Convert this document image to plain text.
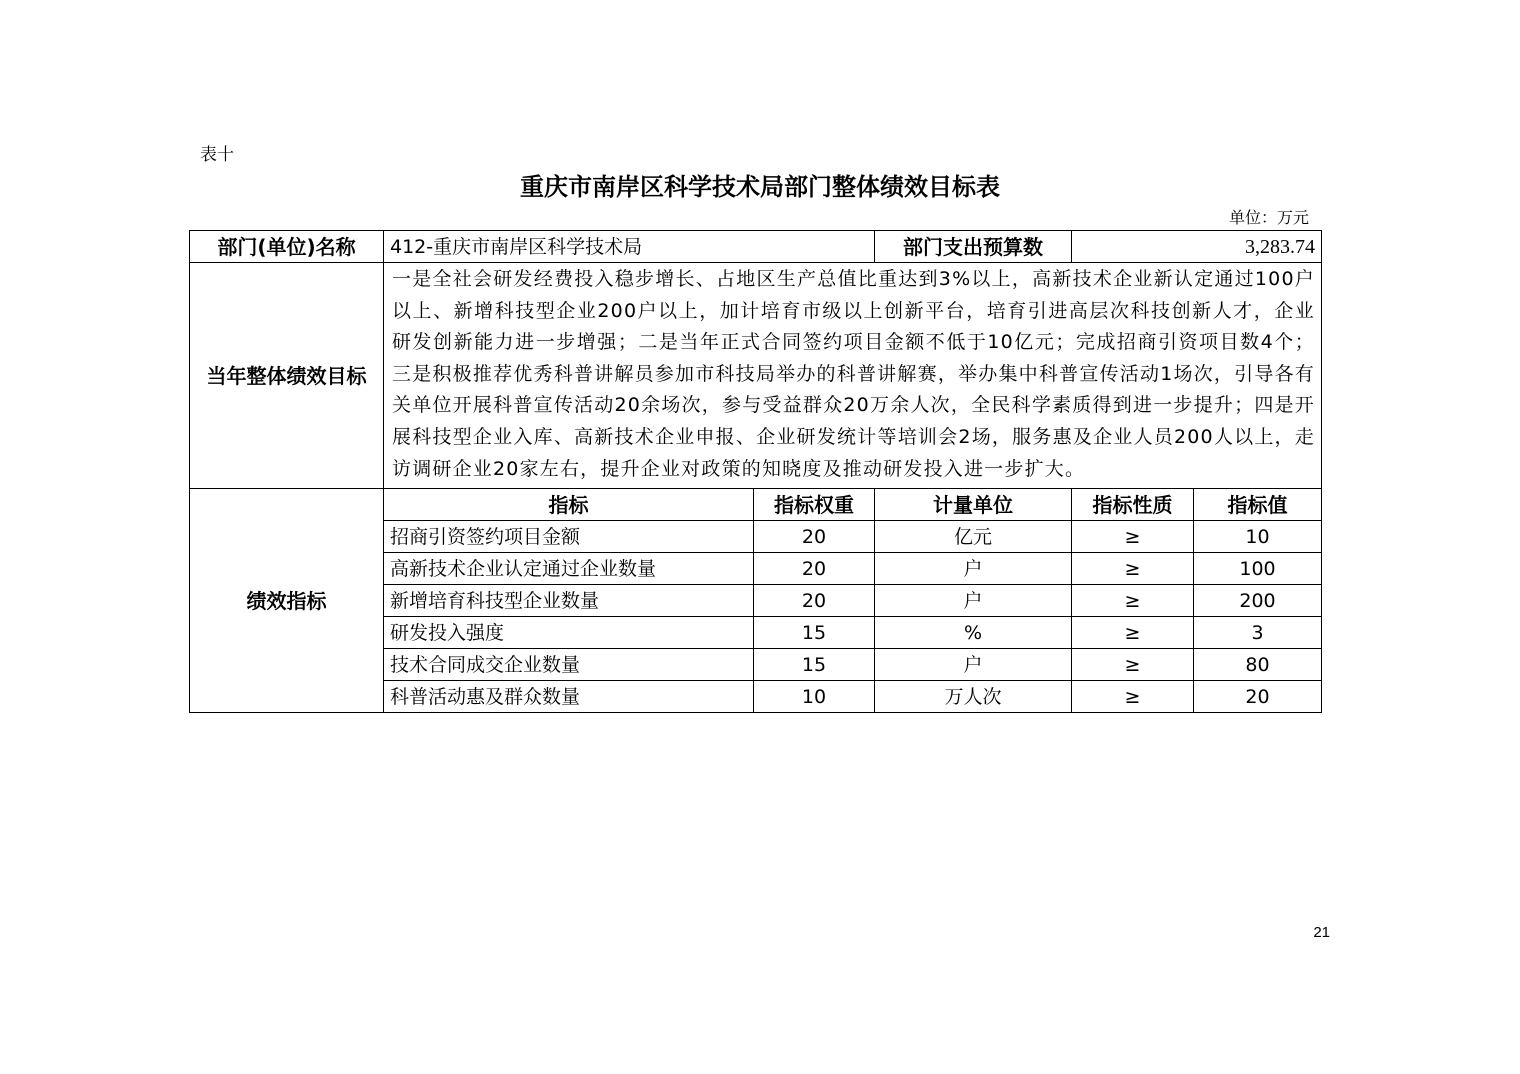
表十
重庆市南岸区科学技术局部门整体绩效目标表
单位：万元
部门(单位)名称	412-重庆市南岸区科学技术局		部门支出预算数	3,283.74	
当年整体绩效目标	一是全社会研发经费投入稳步增长、占地区生产总值比重达到3%以上，高新技术企业新认定通过100户以上、新增科技型企业200户以上，加计培育市级以上创新平台，培育引进高层次科技创新人才，企业研发创新能力进一步增强；二是当年正式合同签约项目金额不低于10亿元；完成招商引资项目数4个；三是积极推荐优秀科普讲解员参加市科技局举办的科普讲解赛，举办集中科普宣传活动1场次，引导各有关单位开展科普宣传活动20余场次，参与受益群众20万余人次，全民科学素质得到进一步提升；四是开展科技型企业入库、高新技术企业申报、企业研发统计等培训会2场，服务惠及企业人员200人以上，走访调研企业20家左右，提升企业对政策的知晓度及推动研发投入进一步扩大。				
绩效指标	指标	指标权重	计量单位	指标性质	指标值
	招商引资签约项目金额	20	亿元	≥	10
	高新技术企业认定通过企业数量	20	户	≥	100
	新增培育科技型企业数量	20	户	≥	200
	研发投入强度	15	%	≥	3
	技术合同成交企业数量	15	户	≥	80
	科普活动惠及群众数量	10	万人次	≥	20
21
